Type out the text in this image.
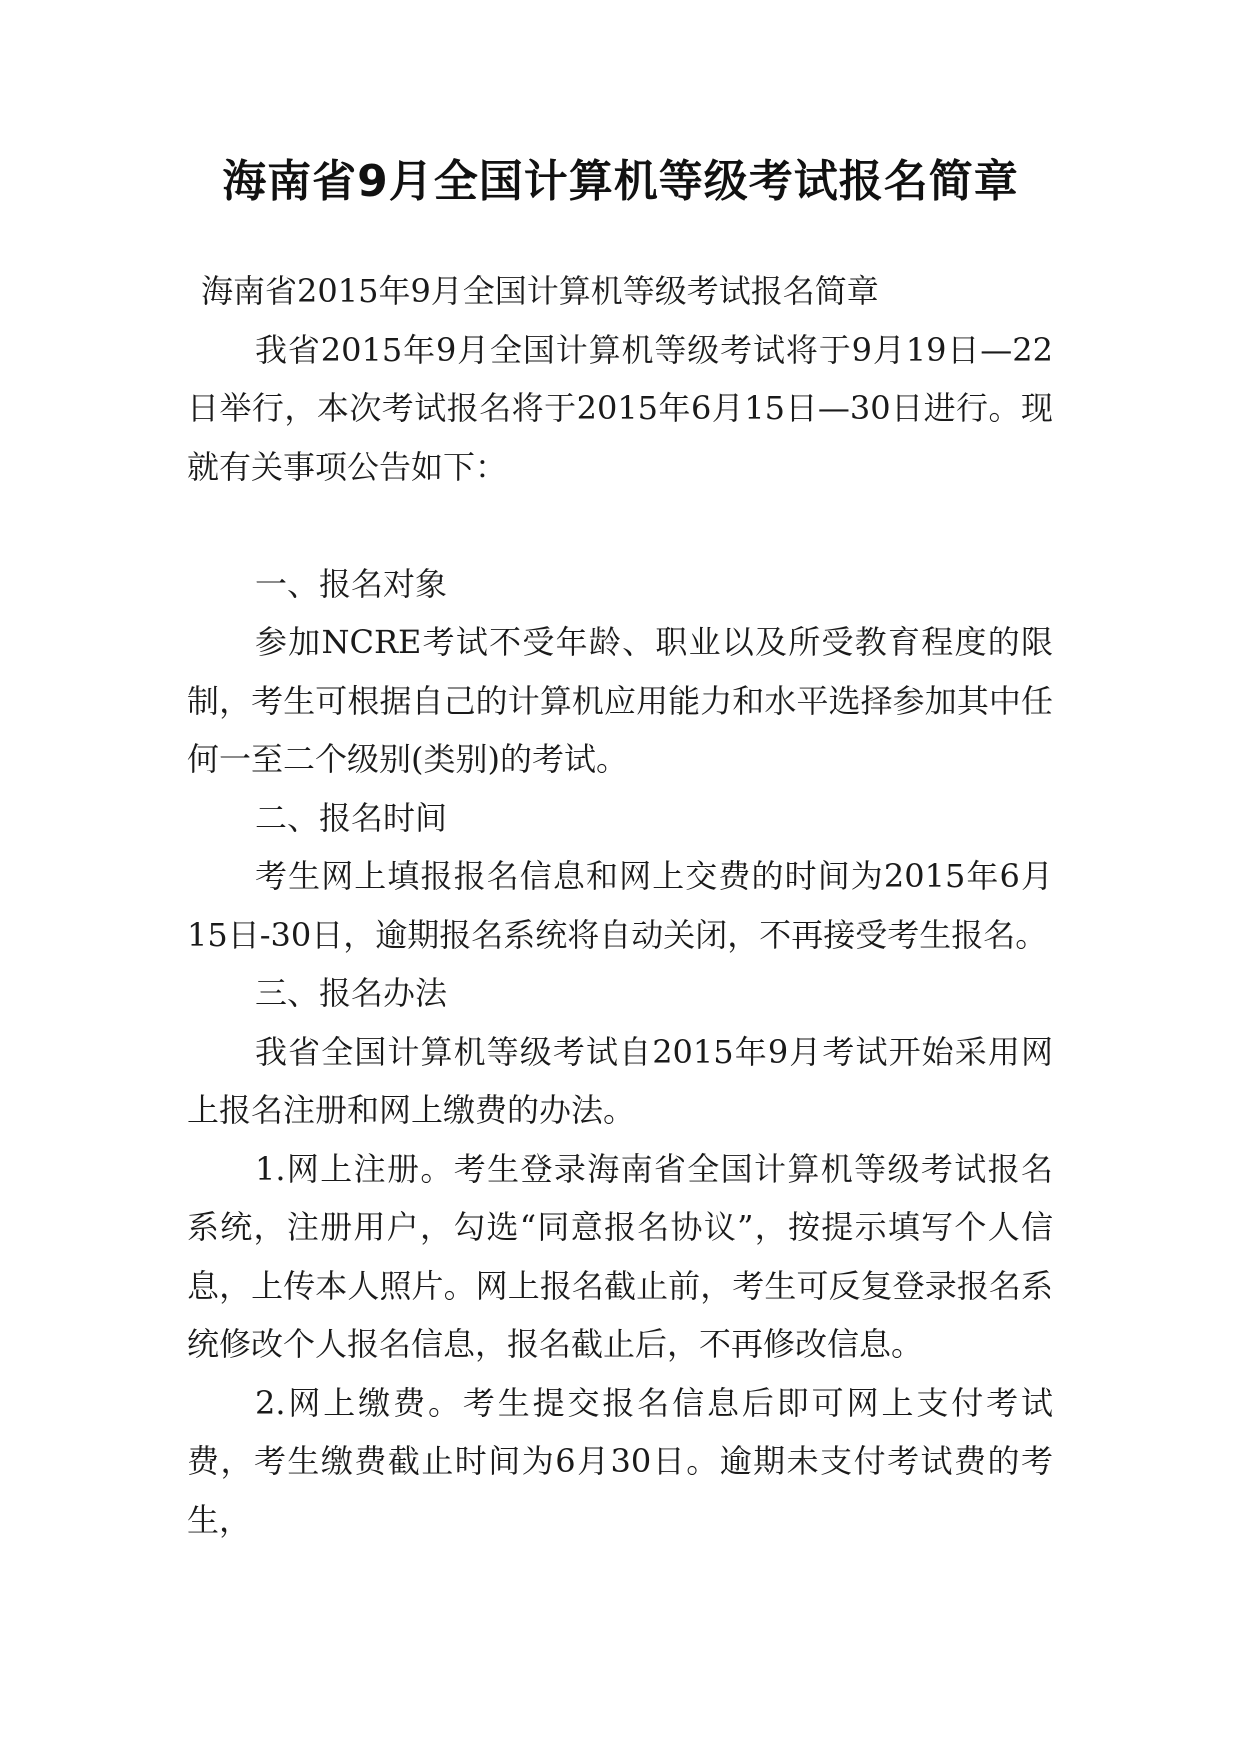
海南省9月全国计算机等级考试报名简章

海南省2015年9月全国计算机等级考试报名简章

我省2015年9月全国计算机等级考试将于9月19日—22日举行，本次考试报名将于2015年6月15日—30日进行。现就有关事项公告如下：

一、报名对象

参加NCRE考试不受年龄、职业以及所受教育程度的限制，考生可根据自己的计算机应用能力和水平选择参加其中任何一至二个级别(类别)的考试。

二、报名时间

考生网上填报报名信息和网上交费的时间为2015年6月15日-30日，逾期报名系统将自动关闭，不再接受考生报名。

三、报名办法

我省全国计算机等级考试自2015年9月考试开始采用网上报名注册和网上缴费的办法。

1.网上注册。考生登录海南省全国计算机等级考试报名系统，注册用户，勾选“同意报名协议”，按提示填写个人信息，上传本人照片。网上报名截止前，考生可反复登录报名系统修改个人报名信息，报名截止后，不再修改信息。

2.网上缴费。考生提交报名信息后即可网上支付考试费，考生缴费截止时间为6月30日。逾期未支付考试费的考生，
